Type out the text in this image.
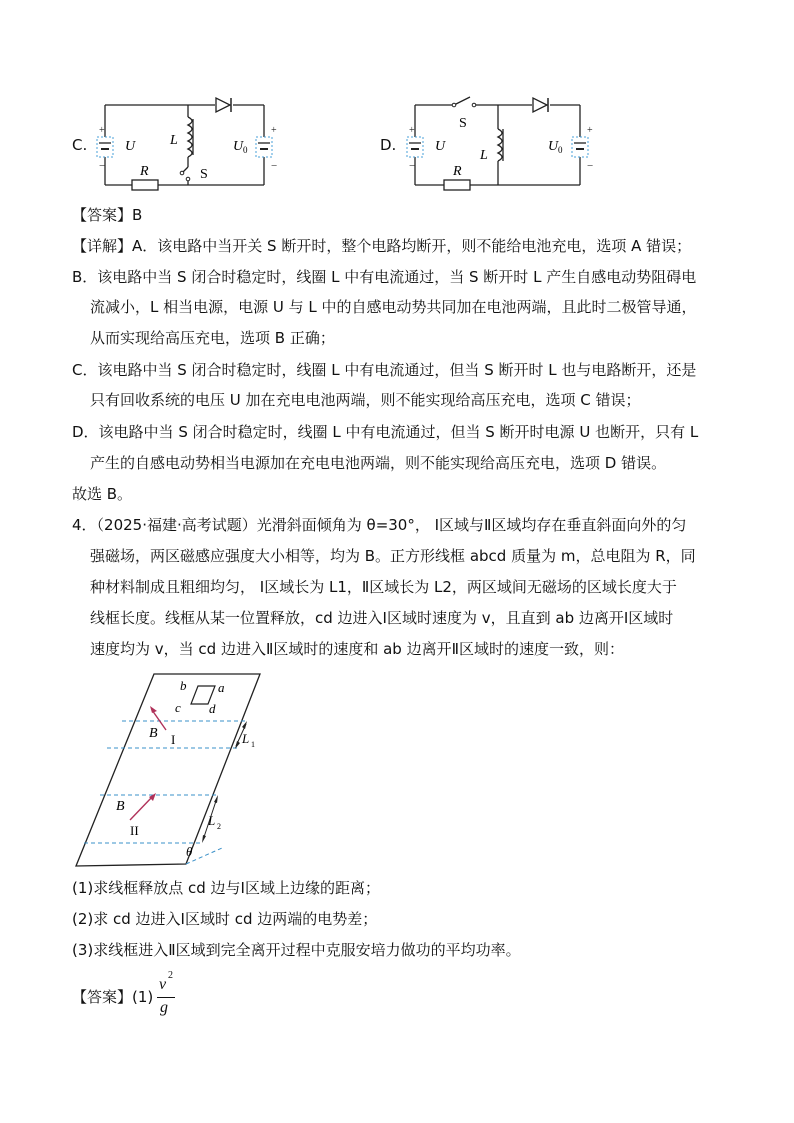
C.
+
−
+
−
U L	U 0
R	S
D.
+
−
+
−
U
L
U 0
R
S
【答案】B
【详解】A．该电路中当开关 S 断开时，整个电路均断开，则不能给电池充电，选项 A 错误；
B．该电路中当 S 闭合时稳定时，线圈 L 中有电流通过，当 S 断开时 L 产生自感电动势阻碍电
流减小，L 相当电源，电源 U 与 L 中的自感电动势共同加在电池两端，且此时二极管导通，
从而实现给高压充电，选项 B 正确；
C．该电路中当 S 闭合时稳定时，线圈 L 中有电流通过，但当 S 断开时 L 也与电路断开，还是
只有回收系统的电压 U 加在充电电池两端，则不能实现给高压充电，选项 C 错误；
D．该电路中当 S 闭合时稳定时，线圈 L 中有电流通过，但当 S 断开时电源 U 也断开，只有 L
产生的自感电动势相当电源加在充电电池两端，则不能实现给高压充电，选项 D 错误。
故选 B。
4．（2025·福建·高考试题）光滑斜面倾角为 θ=30°， Ⅰ区域与Ⅱ区域均存在垂直斜面向外的匀
强磁场，两区磁感应强度大小相等，均为 B。正方形线框 abcd 质量为 m，总电阻为 R，同
种材料制成且粗细均匀， Ⅰ区域长为 L1，Ⅱ区域长为 L2，两区域间无磁场的区域长度大于
线框长度。线框从某一位置释放，cd 边进入Ⅰ区域时速度为 v，且直到 ab 边离开Ⅰ区域时
速度均为 v，当 cd 边进入Ⅱ区域时的速度和 ab 边离开Ⅱ区域时的速度一致，则：
b a
c d
B I
B
II
L 1
L 2
θ
(1)求线框释放点 cd 边与Ⅰ区域上边缘的距离；
(2)求 cd 边进入Ⅰ区域时 cd 边两端的电势差；
(3)求线框进入Ⅱ区域到完全离开过程中克服安培力做功的平均功率。
【答案】(1)
v
2
g
